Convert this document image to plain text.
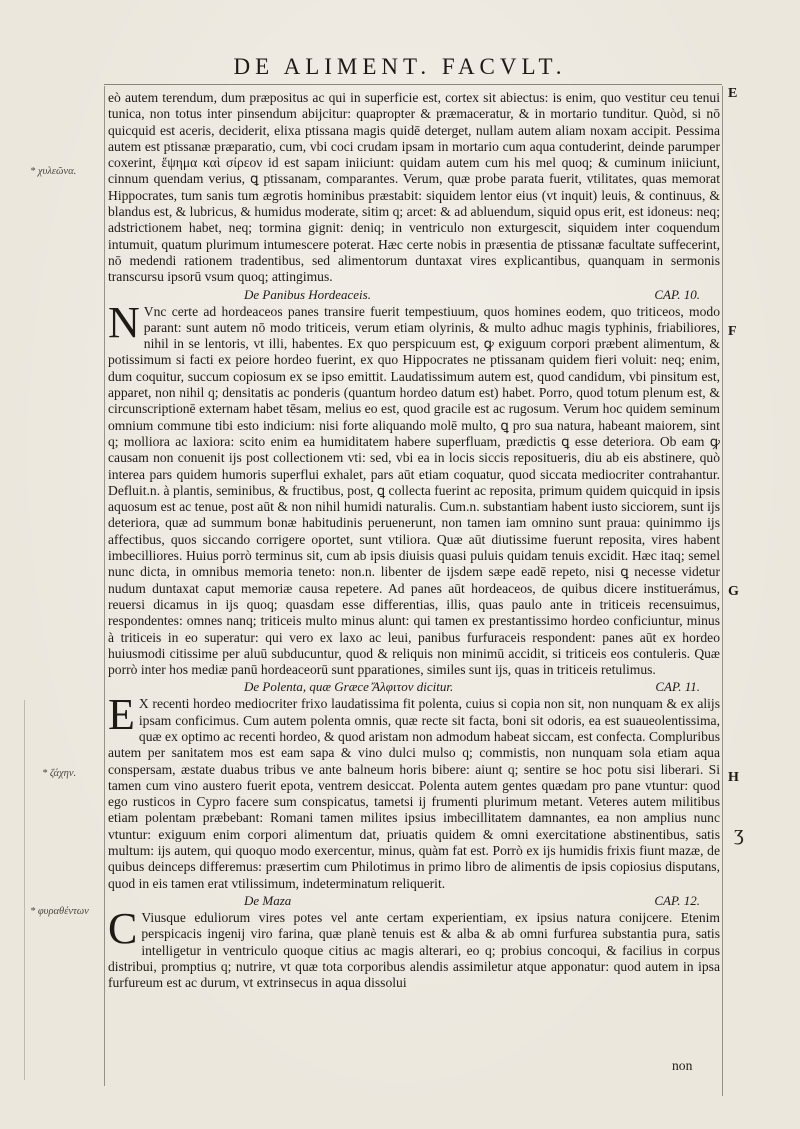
DE ALIMENT. FACVLT.
E
F
G
H
* χυλεῶνα.
* ζάχην.
* φυραθέντων
ʒ

eò autem terendum, dum præpositus ac qui in superficie est, cortex sit abiectus: is enim, quo vestitur ceu tenui tunica, non totus inter pinsendum abijcitur: quapropter & præmaceratur, & in mortario tunditur. Quòd, si nō quicquid est aceris, deciderit, elixa ptissana magis quidē deterget, nullam autem aliam noxam accipit. Pessima autem est ptissanæ præparatio, cum, vbi coci crudam ipsam in mortario cum aqua contuderint, deinde parumper coxerint, ἕψημα καὶ σίρεον id est sapam iniiciunt: quidam autem cum his mel quoq; & cuminum iniiciunt, cinnum quendam verius, ꝗ ptissanam, comparantes. Verum, quæ probe parata fuerit, vtilitates, quas memorat Hippocrates, tum sanis tum ægrotis hominibus præstabit: siquidem lentor eius (vt inquit) leuis, & continuus, & blandus est, & lubricus, & humidus moderate, sitim q; arcet: & ad abluendum, siquid opus erit, est idoneus: neq; adstrictionem habet, neq; tormina gignit: deniq; in ventriculo non exturgescit, siquidem inter coquendum intumuit, quatum plurimum intumescere poterat. Hæc certe nobis in præsentia de ptissanæ facultate suffecerint, nō medendi rationem tradentibus, sed alimentorum duntaxat vires explicantibus, quanquam in sermonis transcursu ipsorū vsum quoq; attingimus.

De Panibus Hordeaceis.	CAP. 10.

N Vnc certe ad hordeaceos panes transire fuerit tempestiuum, quos homines eodem, quo triticeos, modo parant: sunt autem nō modo triticeis, verum etiam olyrinis, & multo adhuc magis typhinis, friabiliores, nihil in se lentoris, vt illi, habentes. Ex quo perspicuum est, ꝙ exiguum corpori præbent alimentum, & potissimum si facti ex peiore hordeo fuerint, ex quo Hippocrates ne ptissanam quidem fieri voluit: neq; enim, dum coquitur, succum copiosum ex se ipso emittit. Laudatissimum autem est, quod candidum, vbi pinsitum est, apparet, non nihil q; densitatis ac ponderis (quantum hordeo datum est) habet. Porro, quod totum plenum est, & circunscriptionē externam habet tēsam, melius eo est, quod gracile est ac rugosum. Verum hoc quidem seminum omnium commune tibi esto indicium: nisi forte aliquando molē multo, ꝗ pro sua natura, habeant maiorem, sint q; molliora ac laxiora: scito enim ea humiditatem habere superfluam, prædictis ꝗ esse deteriora. Ob eam ꝙ causam non conuenit ijs post collectionem vti: sed, vbi ea in locis siccis repositueris, diu ab eis abstinere, quò interea pars quidem humoris superflui exhalet, pars aūt etiam coquatur, quod siccata mediocriter contrahantur. Defluit.n. à plantis, seminibus, & fructibus, post, ꝗ collecta fuerint ac reposita, primum quidem quicquid in ipsis aquosum est ac tenue, post aūt & non nihil humidi naturalis. Cum.n. substantiam habent iusto sicciorem, sunt ijs deteriora, quæ ad summum bonæ habitudinis peruenerunt, non tamen iam omnino sunt praua: quinimmo ijs affectibus, quos siccando corrigere oportet, sunt vtiliora. Quæ aūt diutissime fuerunt reposita, vires habent imbecilliores. Huius porrò terminus sit, cum ab ipsis diuisis quasi puluis quidam tenuis excidit. Hæc itaq; semel nunc dicta, in omnibus memoria teneto: non.n. libenter de ijsdem sæpe eadē repeto, nisi ꝗ necesse videtur nudum duntaxat caput memoriæ causa repetere. Ad panes aūt hordeaceos, de quibus dicere instituerámus, reuersi dicamus in ijs quoq; quasdam esse differentias, illis, quas paulo ante in triticeis recensuimus, respondentes: omnes nanq; triticeis multo minus alunt: qui tamen ex prestantissimo hordeo conficiuntur, minus à triticeis in eo superatur: qui vero ex laxo ac leui, panibus furfuraceis respondent: panes aūt ex hordeo huiusmodi citissime per aluū subducuntur, quod & reliquis non minimū accidit, si triticeis eos contuleris. Quæ porrò inter hos mediæ panū hordeaceorū sunt pparationes, similes sunt ijs, quas in triticeis retulimus.

De Polenta, quæ Græce Ἄλφιτον dicitur.	CAP. 11.

E X recenti hordeo mediocriter frixo laudatissima fit polenta, cuius si copia non sit, non nunquam & ex alijs ipsam conficimus. Cum autem polenta omnis, quæ recte sit facta, boni sit odoris, ea est suaueolentissima, quæ ex optimo ac recenti hordeo, & quod aristam non admodum habeat siccam, est confecta. Compluribus autem per sanitatem mos est eam sapa & vino dulci mulso q; commistis, non nunquam sola etiam aqua conspersam, æstate duabus tribus ve ante balneum horis bibere: aiunt q; sentire se hoc potu sisi liberari. Si tamen cum vino austero fuerit epota, ventrem desiccat. Polenta autem gentes quædam pro pane vtuntur: quod ego rusticos in Cypro facere sum conspicatus, tametsi ij frumenti plurimum metant. Veteres autem militibus etiam polentam præbebant: Romani tamen milites ipsius imbecillitatem damnantes, ea non amplius nunc vtuntur: exiguum enim corpori alimentum dat, priuatis quidem & omni exercitatione abstinentibus, satis multum: ijs autem, qui quoquo modo exercentur, minus, quàm fat est. Porrò ex ijs humidis frixis fiunt mazæ, de quibus deinceps differemus: præsertim cum Philotimus in primo libro de alimentis de ipsis copiosius disputans, quod in eis tamen erat vtilissimum, indeterminatum reliquerit.

De Maza	CAP. 12.

C Viusque eduliorum vires potes vel ante certam experientiam, ex ipsius natura conijcere. Etenim perspicacis ingenij viro farina, quæ planè tenuis est & alba & ab omni furfurea substantia pura, satis intelligetur in ventriculo quoque citius ac magis alterari, eo q; probius concoqui, & facilius in corpus distribui, promptius q; nutrire, vt quæ tota corporibus alendis assimiletur atque apponatur: quod autem in ipsa furfureum est ac durum, vt extrinsecus in aqua dissolui

non
